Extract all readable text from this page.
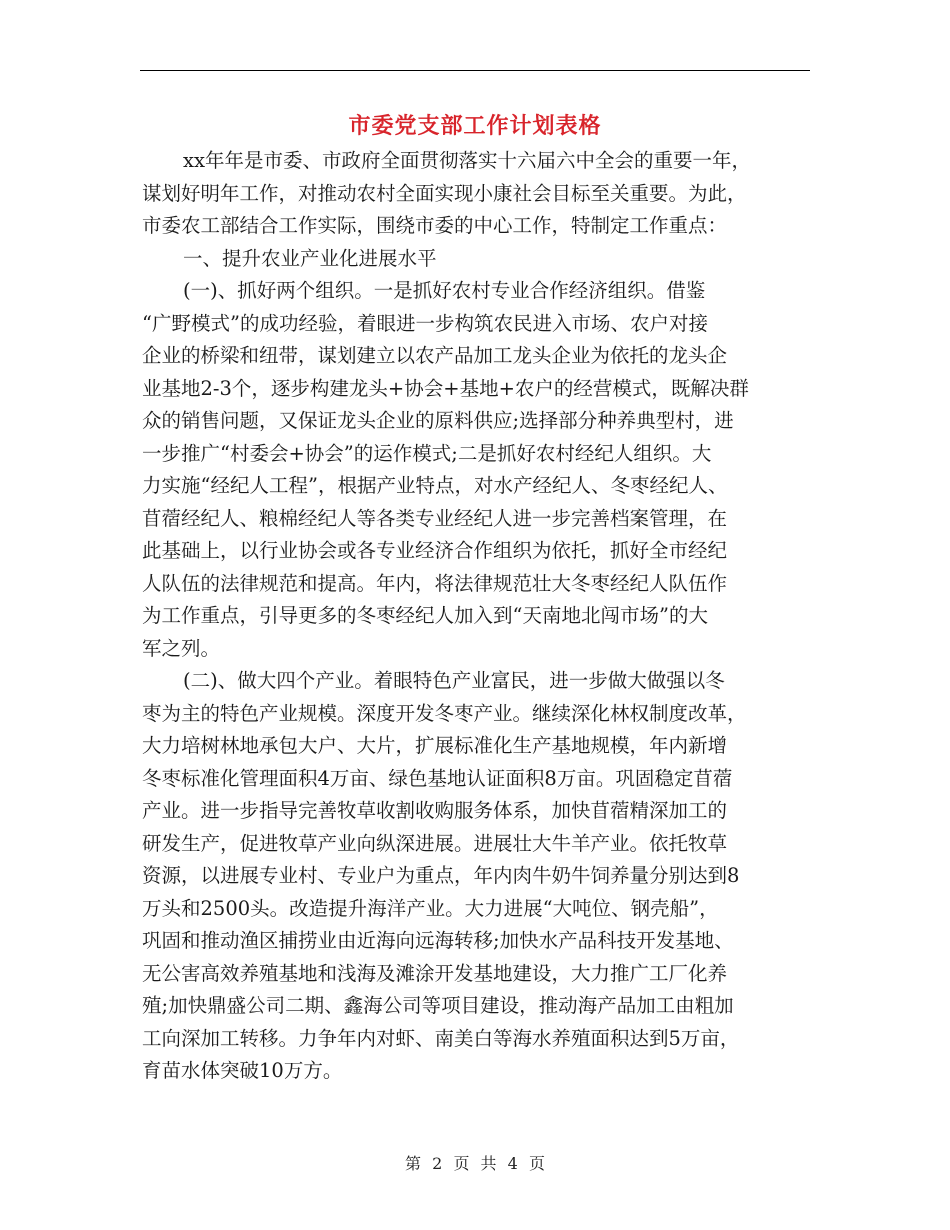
市委党支部工作计划表格
xx年年是市委、市政府全面贯彻落实十六届六中全会的重要一年，
谋划好明年工作，对推动农村全面实现小康社会目标至关重要。为此，
市委农工部结合工作实际，围绕市委的中心工作，特制定工作重点：
一、提升农业产业化进展水平
(一)、抓好两个组织。一是抓好农村专业合作经济组织。借鉴
“广野模式”的成功经验，着眼进一步构筑农民进入市场、农户对接
企业的桥梁和纽带，谋划建立以农产品加工龙头企业为依托的龙头企
业基地2-3个，逐步构建龙头+协会+基地+农户的经营模式，既解决群
众的销售问题，又保证龙头企业的原料供应;选择部分种养典型村，进
一步推广“村委会+协会”的运作模式;二是抓好农村经纪人组织。大
力实施“经纪人工程”，根据产业特点，对水产经纪人、冬枣经纪人、
苜蓿经纪人、粮棉经纪人等各类专业经纪人进一步完善档案管理，在
此基础上，以行业协会或各专业经济合作组织为依托，抓好全市经纪
人队伍的法律规范和提高。年内，将法律规范壮大冬枣经纪人队伍作
为工作重点，引导更多的冬枣经纪人加入到“天南地北闯市场”的大
军之列。
(二)、做大四个产业。着眼特色产业富民，进一步做大做强以冬
枣为主的特色产业规模。深度开发冬枣产业。继续深化林权制度改革，
大力培树林地承包大户、大片，扩展标准化生产基地规模，年内新增
冬枣标准化管理面积4万亩、绿色基地认证面积8万亩。巩固稳定苜蓿
产业。进一步指导完善牧草收割收购服务体系，加快苜蓿精深加工的
研发生产，促进牧草产业向纵深进展。进展壮大牛羊产业。依托牧草
资源，以进展专业村、专业户为重点，年内肉牛奶牛饲养量分别达到8
万头和2500头。改造提升海洋产业。大力进展“大吨位、钢壳船”，
巩固和推动渔区捕捞业由近海向远海转移;加快水产品科技开发基地、
无公害高效养殖基地和浅海及滩涂开发基地建设，大力推广工厂化养
殖;加快鼎盛公司二期、鑫海公司等项目建设，推动海产品加工由粗加
工向深加工转移。力争年内对虾、南美白等海水养殖面积达到5万亩，
育苗水体突破10万方。
第 2 页 共 4 页
